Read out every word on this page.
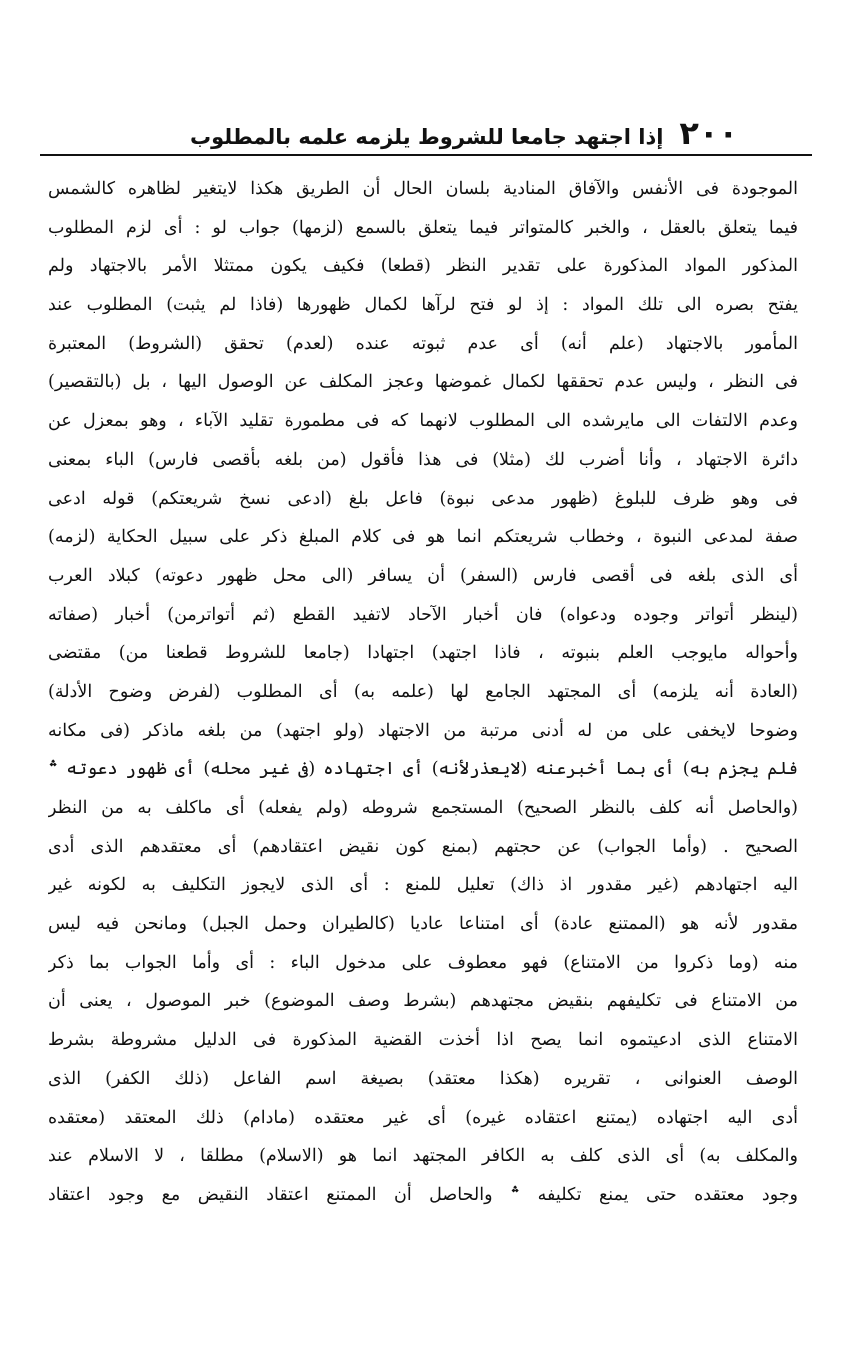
٢٠٠
إذا اجتهد جامعا للشروط يلزمه علمه بالمطلوب
الموجودة فى الأنفس والآفاق المنادية بلسان الحال أن الطريق هكذا لايتغير لظاهره كالشمس
فيما يتعلق بالعقل ، والخبر كالمتواتر فيما يتعلق بالسمع (لزمها) جواب لو : أى لزم المطلوب
المذكور المواد المذكورة على تقدير النظر (قطعا) فكيف يكون ممتثلا الأمر بالاجتهاد ولم
يفتح بصره الى تلك المواد : إذ لو فتح لرآها لكمال ظهورها (فاذا لم يثبت) المطلوب عند
المأمور بالاجتهاد (علم أنه) أى عدم ثبوته عنده (لعدم) تحقق (الشروط) المعتبرة
فى النظر ، وليس عدم تحققها لكمال غموضها وعجز المكلف عن الوصول اليها ، بل (بالتقصير)
وعدم الالتفات الى مايرشده الى المطلوب لانهما كه فى مطمورة تقليد الآباء ، وهو بمعزل عن
دائرة الاجتهاد ، وأنا أضرب لك (مثلا) فى هذا فأقول (من بلغه بأقصى فارس) الباء بمعنى
فى وهو ظرف للبلوغ (ظهور مدعى نبوة) فاعل بلغ (ادعى نسخ شريعتكم) قوله ادعى
صفة لمدعى النبوة ، وخطاب شريعتكم انما هو فى كلام المبلغ ذكر على سبيل الحكاية (لزمه)
أى الذى بلغه فى أقصى فارس (السفر) أن يسافر (الى محل ظهور دعوته) كبلاد العرب
(لينظر أتواتر وجوده ودعواه) فان أخبار الآحاد لاتفيد القطع (ثم أتواترمن) أخبار (صفاته
وأحواله مايوجب العلم بنبوته ، فاذا اجتهد) اجتهادا (جامعا للشروط قطعنا من) مقتضى
(العادة أنه يلزمه) أى المجتهد الجامع لها (علمه به) أى المطلوب (لفرض وضوح الأدلة)
وضوحا لايخفى على من له أدنى مرتبة من الاجتهاد (ولو اجتهد) من بلغه ماذكر (فى مكانه
فلم يجزم به) أى بما أخبرعنه (لايعذرلأنه) أى اجتهاده (فى غير محله) أى ظهور دعوته ؞
(والحاصل أنه كلف بالنظر الصحيح) المستجمع شروطه (ولم يفعله) أى ماكلف به من النظر
الصحيح . (وأما الجواب) عن حجتهم (بمنع كون نقيض اعتقادهم) أى معتقدهم الذى أدى
اليه اجتهادهم (غير مقدور اذ ذاك) تعليل للمنع : أى الذى لايجوز التكليف به لكونه غير
مقدور لأنه هو (الممتنع عادة) أى امتناعا عاديا (كالطيران وحمل الجبل) ومانحن فيه ليس
منه (وما ذكروا من الامتناع) فهو معطوف على مدخول الباء : أى وأما الجواب بما ذكر
من الامتناع فى تكليفهم بنقيض مجتهدهم (بشرط وصف الموضوع) خبر الموصول ، يعنى أن
الامتناع الذى ادعيتموه انما يصح اذا أخذت القضية المذكورة فى الدليل مشروطة بشرط
الوصف العنوانى ، تقريره (هكذا معتقد) بصيغة اسم الفاعل (ذلك الكفر) الذى
أدى اليه اجتهاده (يمتنع اعتقاده غيره) أى غير معتقده (مادام) ذلك المعتقد (معتقده
والمكلف به) أى الذى كلف به الكافر المجتهد انما هو (الاسلام) مطلقا ، لا الاسلام عند
وجود معتقده حتى يمنع تكليفه ؞ والحاصل أن الممتنع اعتقاد النقيض مع وجود اعتقاد
